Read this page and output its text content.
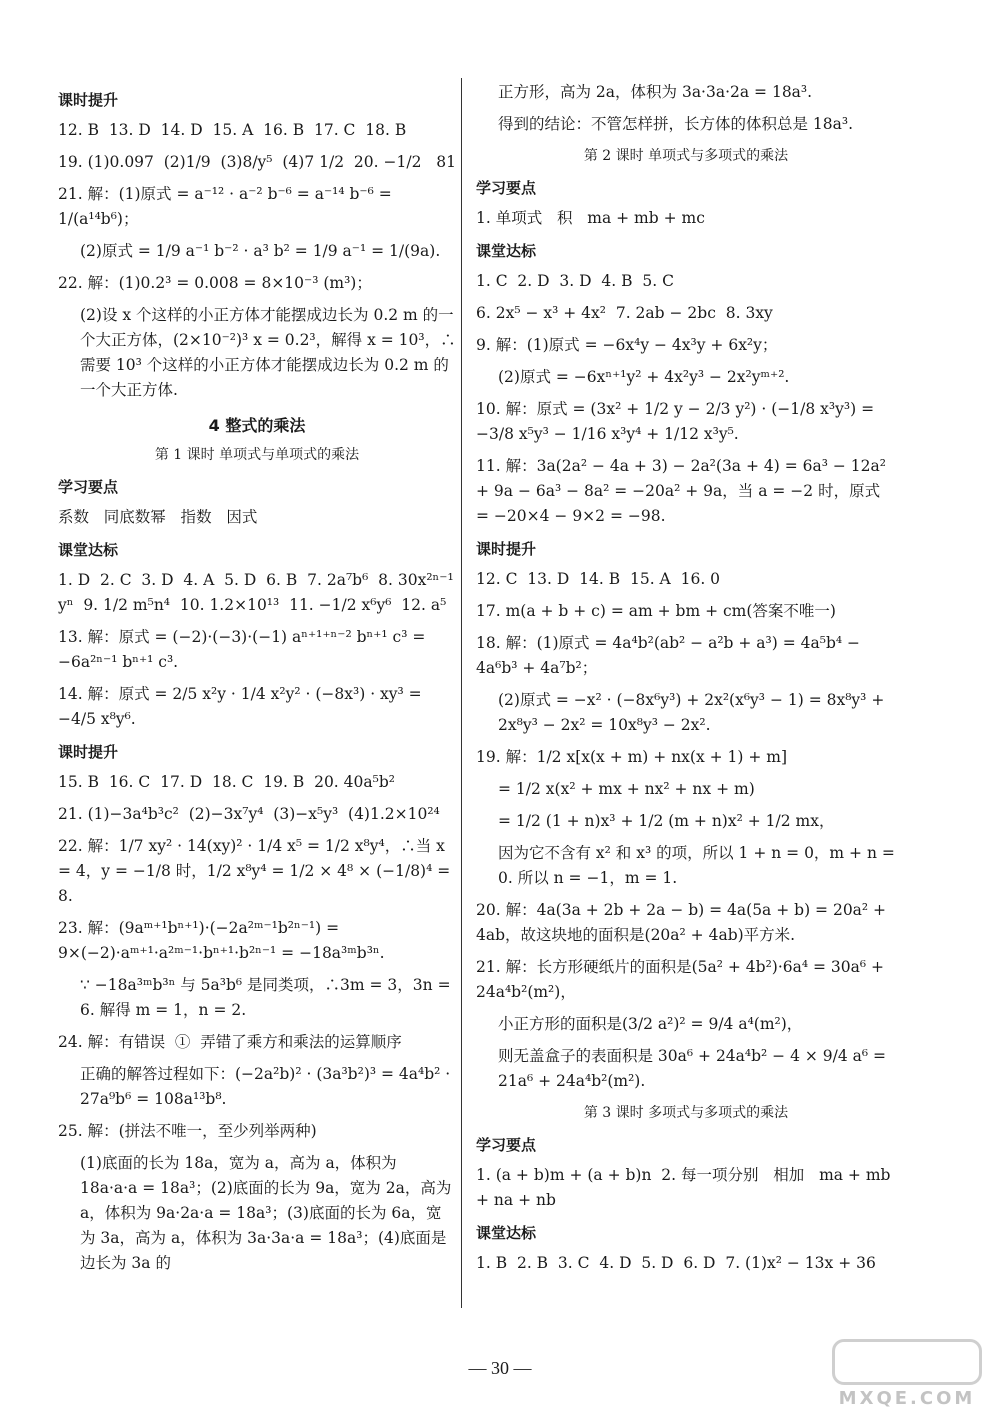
课时提升
12. B  13. D  14. D  15. A  16. B  17. C  18. B
19. (1)0.097  (2)1/9  (3)8/y⁵  (4)7 1/2  20. −1/2   81
21. 解：(1)原式 = a⁻¹² · a⁻² b⁻⁶ = a⁻¹⁴ b⁻⁶ = 1/(a¹⁴b⁶)；
(2)原式 = 1/9 a⁻¹ b⁻² · a³ b² = 1/9 a⁻¹ = 1/(9a).
22. 解：(1)0.2³ = 0.008 = 8×10⁻³ (m³)；
(2)设 x 个这样的小正方体才能摆成边长为 0.2 m 的一个大正方体，(2×10⁻²)³ x = 0.2³，解得 x = 10³，∴需要 10³ 个这样的小正方体才能摆成边长为 0.2 m 的一个大正方体.
4 整式的乘法
第 1 课时 单项式与单项式的乘法
学习要点
系数   同底数幂   指数   因式
课堂达标
1. D  2. C  3. D  4. A  5. D  6. B  7. 2a⁷b⁶  8. 30x²ⁿ⁻¹ yⁿ  9. 1/2 m⁵n⁴  10. 1.2×10¹³  11. −1/2 x⁶y⁶  12. a⁵
13. 解：原式 = (−2)·(−3)·(−1) aⁿ⁺¹⁺ⁿ⁻² bⁿ⁺¹ c³ = −6a²ⁿ⁻¹ bⁿ⁺¹ c³.
14. 解：原式 = 2/5 x²y · 1/4 x²y² · (−8x³) · xy³ = −4/5 x⁸y⁶.
课时提升
15. B  16. C  17. D  18. C  19. B  20. 40a⁵b²
21. (1)−3a⁴b³c²  (2)−3x⁷y⁴  (3)−x⁵y³  (4)1.2×10²⁴
22. 解：1/7 xy² · 14(xy)² · 1/4 x⁵ = 1/2 x⁸y⁴，∴当 x = 4，y = −1/8 时，1/2 x⁸y⁴ = 1/2 × 4⁸ × (−1/8)⁴ = 8.
23. 解：(9aᵐ⁺¹bⁿ⁺¹)·(−2a²ᵐ⁻¹b²ⁿ⁻¹) = 9×(−2)·aᵐ⁺¹·a²ᵐ⁻¹·bⁿ⁺¹·b²ⁿ⁻¹ = −18a³ᵐb³ⁿ.
∵ −18a³ᵐb³ⁿ 与 5a³b⁶ 是同类项，∴3m = 3，3n = 6. 解得 m = 1，n = 2.
24. 解：有错误  ①  弄错了乘方和乘法的运算顺序
正确的解答过程如下：(−2a²b)² · (3a³b²)³ = 4a⁴b² · 27a⁹b⁶ = 108a¹³b⁸.
25. 解：(拼法不唯一，至少列举两种)
(1)底面的长为 18a，宽为 a，高为 a，体积为 18a·a·a = 18a³；(2)底面的长为 9a，宽为 2a，高为 a，体积为 9a·2a·a = 18a³；(3)底面的长为 6a，宽为 3a，高为 a，体积为 3a·3a·a = 18a³；(4)底面是边长为 3a 的
正方形，高为 2a，体积为 3a·3a·2a = 18a³.
得到的结论：不管怎样拼，长方体的体积总是 18a³.
第 2 课时 单项式与多项式的乘法
学习要点
1. 单项式   积   ma + mb + mc
课堂达标
1. C  2. D  3. D  4. B  5. C
6. 2x⁵ − x³ + 4x²  7. 2ab − 2bc  8. 3xy
9. 解：(1)原式 = −6x⁴y − 4x³y + 6x²y；
(2)原式 = −6xⁿ⁺¹y² + 4x²y³ − 2x²yᵐ⁺².
10. 解：原式 = (3x² + 1/2 y − 2/3 y²) · (−1/8 x³y³) = −3/8 x⁵y³ − 1/16 x³y⁴ + 1/12 x³y⁵.
11. 解：3a(2a² − 4a + 3) − 2a²(3a + 4) = 6a³ − 12a² + 9a − 6a³ − 8a² = −20a² + 9a，当 a = −2 时，原式 = −20×4 − 9×2 = −98.
课时提升
12. C  13. D  14. B  15. A  16. 0
17. m(a + b + c) = am + bm + cm(答案不唯一)
18. 解：(1)原式 = 4a⁴b²(ab² − a²b + a³) = 4a⁵b⁴ − 4a⁶b³ + 4a⁷b²；
(2)原式 = −x² · (−8x⁶y³) + 2x²(x⁶y³ − 1) = 8x⁸y³ + 2x⁸y³ − 2x² = 10x⁸y³ − 2x².
19. 解：1/2 x[x(x + m) + nx(x + 1) + m]
= 1/2 x(x² + mx + nx² + nx + m)
= 1/2 (1 + n)x³ + 1/2 (m + n)x² + 1/2 mx，
因为它不含有 x² 和 x³ 的项，所以 1 + n = 0，m + n = 0. 所以 n = −1，m = 1.
20. 解：4a(3a + 2b + 2a − b) = 4a(5a + b) = 20a² + 4ab，故这块地的面积是(20a² + 4ab)平方米.
21. 解：长方形硬纸片的面积是(5a² + 4b²)·6a⁴ = 30a⁶ + 24a⁴b²(m²)，
小正方形的面积是(3/2 a²)² = 9/4 a⁴(m²)，
则无盖盒子的表面积是 30a⁶ + 24a⁴b² − 4 × 9/4 a⁶ = 21a⁶ + 24a⁴b²(m²).
第 3 课时 多项式与多项式的乘法
学习要点
1. (a + b)m + (a + b)n  2. 每一项分别   相加   ma + mb + na + nb
课堂达标
1. B  2. B  3. C  4. D  5. D  6. D  7. (1)x² − 13x + 36
— 30 —
MXQE.COM
